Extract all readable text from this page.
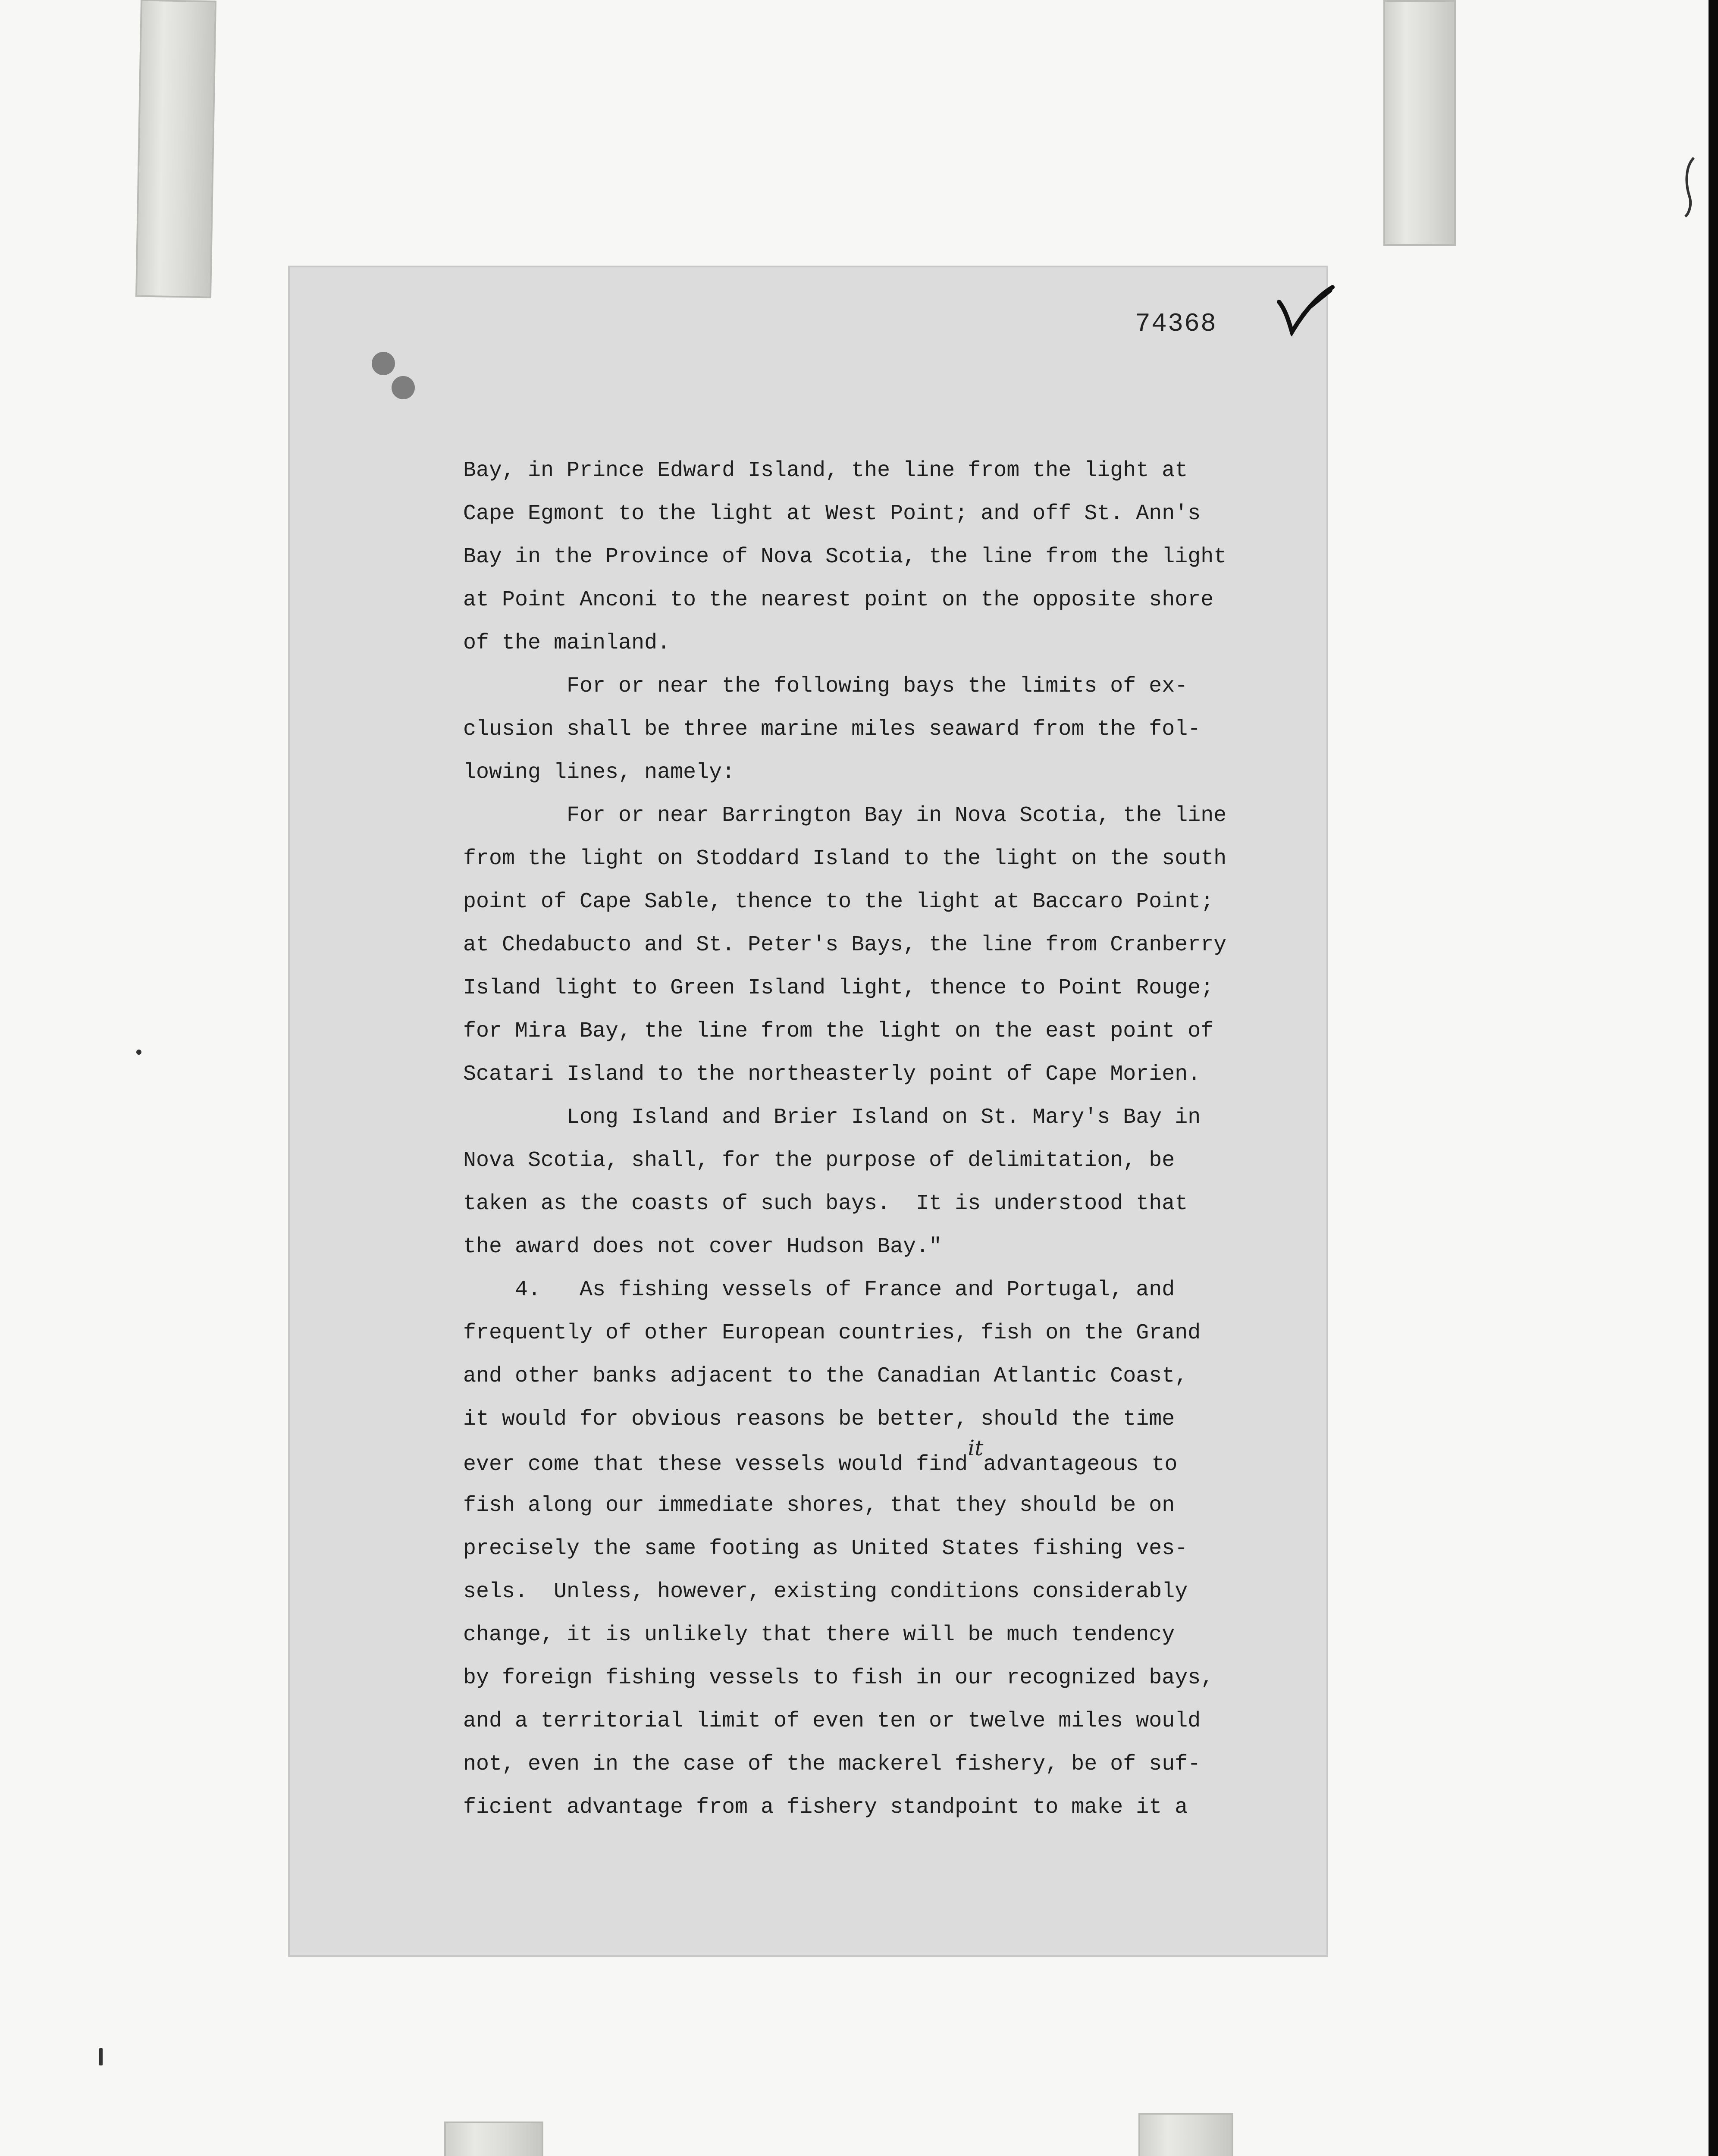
74368
Bay, in Prince Edward Island, the line from the light at
Cape Egmont to the light at West Point; and off St. Ann's
Bay in the Province of Nova Scotia, the line from the light
at Point Anconi to the nearest point on the opposite shore
of the mainland.
For or near the following bays the limits of ex-
clusion shall be three marine miles seaward from the fol-
lowing lines, namely:
For or near Barrington Bay in Nova Scotia, the line
from the light on Stoddard Island to the light on the south
point of Cape Sable, thence to the light at Baccaro Point;
at Chedabucto and St. Peter's Bays, the line from Cranberry
Island light to Green Island light, thence to Point Rouge;
for Mira Bay, the line from the light on the east point of
Scatari Island to the northeasterly point of Cape Morien.
Long Island and Brier Island on St. Mary's Bay in
Nova Scotia, shall, for the purpose of delimitation, be
taken as the coasts of such bays.  It is understood that
the award does not cover Hudson Bay."
4.   As fishing vessels of France and Portugal, and
frequently of other European countries, fish on the Grand
and other banks adjacent to the Canadian Atlantic Coast,
it would for obvious reasons be better, should the time
ever come that these vessels would finditadvantageous to
fish along our immediate shores, that they should be on
precisely the same footing as United States fishing ves-
sels.  Unless, however, existing conditions considerably
change, it is unlikely that there will be much tendency
by foreign fishing vessels to fish in our recognized bays,
and a territorial limit of even ten or twelve miles would
not, even in the case of the mackerel fishery, be of suf-
ficient advantage from a fishery standpoint to make it a
